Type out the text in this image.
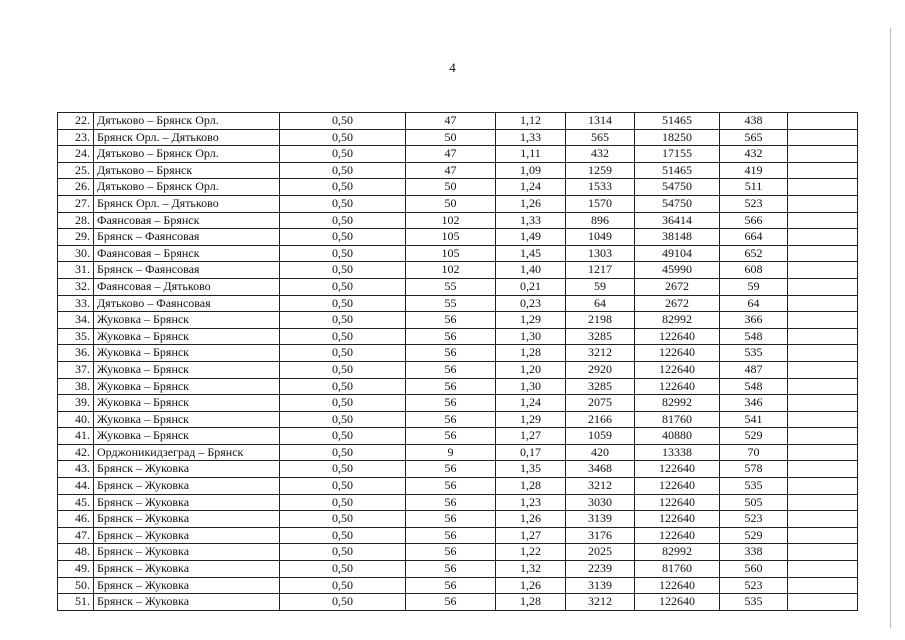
4
22.	Дятьково – Брянск Орл.	0,50	47	1,12	1314	51465	438	
23.	Брянск Орл. – Дятьково	0,50	50	1,33	565	18250	565	
24.	Дятьково – Брянск Орл.	0,50	47	1,11	432	17155	432	
25.	Дятьково – Брянск	0,50	47	1,09	1259	51465	419	
26.	Дятьково – Брянск Орл.	0,50	50	1,24	1533	54750	511	
27.	Брянск Орл. – Дятьково	0,50	50	1,26	1570	54750	523	
28.	Фаянсовая – Брянск	0,50	102	1,33	896	36414	566	
29.	Брянск – Фаянсовая	0,50	105	1,49	1049	38148	664	
30.	Фаянсовая – Брянск	0,50	105	1,45	1303	49104	652	
31.	Брянск – Фаянсовая	0,50	102	1,40	1217	45990	608	
32.	Фаянсовая – Дятьково	0,50	55	0,21	59	2672	59	
33.	Дятьково – Фаянсовая	0,50	55	0,23	64	2672	64	
34.	Жуковка – Брянск	0,50	56	1,29	2198	82992	366	
35.	Жуковка – Брянск	0,50	56	1,30	3285	122640	548	
36.	Жуковка – Брянск	0,50	56	1,28	3212	122640	535	
37.	Жуковка – Брянск	0,50	56	1,20	2920	122640	487	
38.	Жуковка – Брянск	0,50	56	1,30	3285	122640	548	
39.	Жуковка – Брянск	0,50	56	1,24	2075	82992	346	
40.	Жуковка – Брянск	0,50	56	1,29	2166	81760	541	
41.	Жуковка – Брянск	0,50	56	1,27	1059	40880	529	
42.	Орджоникидзеград – Брянск	0,50	9	0,17	420	13338	70	
43.	Брянск – Жуковка	0,50	56	1,35	3468	122640	578	
44.	Брянск – Жуковка	0,50	56	1,28	3212	122640	535	
45.	Брянск – Жуковка	0,50	56	1,23	3030	122640	505	
46.	Брянск – Жуковка	0,50	56	1,26	3139	122640	523	
47.	Брянск – Жуковка	0,50	56	1,27	3176	122640	529	
48.	Брянск – Жуковка	0,50	56	1,22	2025	82992	338	
49.	Брянск – Жуковка	0,50	56	1,32	2239	81760	560	
50.	Брянск – Жуковка	0,50	56	1,26	3139	122640	523	
51.	Брянск – Жуковка	0,50	56	1,28	3212	122640	535	
